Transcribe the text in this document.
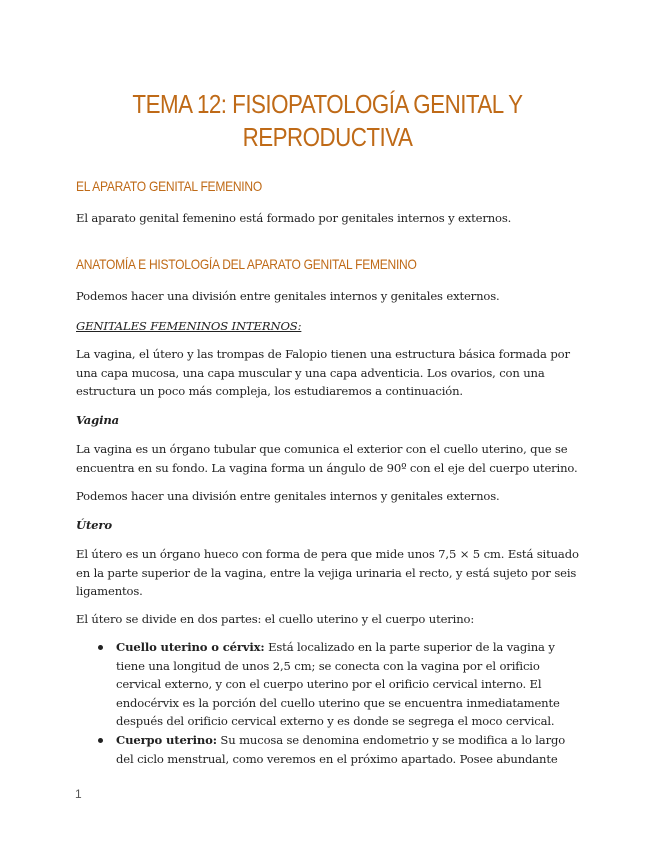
TEMA 12: FISIOPATOLOGÍA GENITAL Y REPRODUCTIVA
EL APARATO GENITAL FEMENINO

El aparato genital femenino está formado por genitales internos y externos.

ANATOMÍA E HISTOLOGÍA DEL APARATO GENITAL FEMENINO

Podemos hacer una división entre genitales internos y genitales externos.

GENITALES FEMENINOS INTERNOS:

La vagina, el útero y las trompas de Falopio tienen una estructura básica formada por una capa mucosa, una capa muscular y una capa adventicia. Los ovarios, con una estructura un poco más compleja, los estudiaremos a continuación.

Vagina

La vagina es un órgano tubular que comunica el exterior con el cuello uterino, que se encuentra en su fondo. La vagina forma un ángulo de 90º con el eje del cuerpo uterino.

Podemos hacer una división entre genitales internos y genitales externos.

Útero

El útero es un órgano hueco con forma de pera que mide unos 7,5 × 5 cm. Está situado en la parte superior de la vagina, entre la vejiga urinaria el recto, y está sujeto por seis ligamentos.

El útero se divide en dos partes: el cuello uterino y el cuerpo uterino:

Cuello uterino o cérvix: Está localizado en la parte superior de la vagina y tiene una longitud de unos 2,5 cm; se conecta con la vagina por el orificio cervical externo, y con el cuerpo uterino por el orificio cervical interno. El endocérvix es la porción del cuello uterino que se encuentra inmediatamente después del orificio cervical externo y es donde se segrega el moco cervical.
Cuerpo uterino: Su mucosa se denomina endometrio y se modifica a lo largo del ciclo menstrual, como veremos en el próximo apartado. Posee abundante
1
